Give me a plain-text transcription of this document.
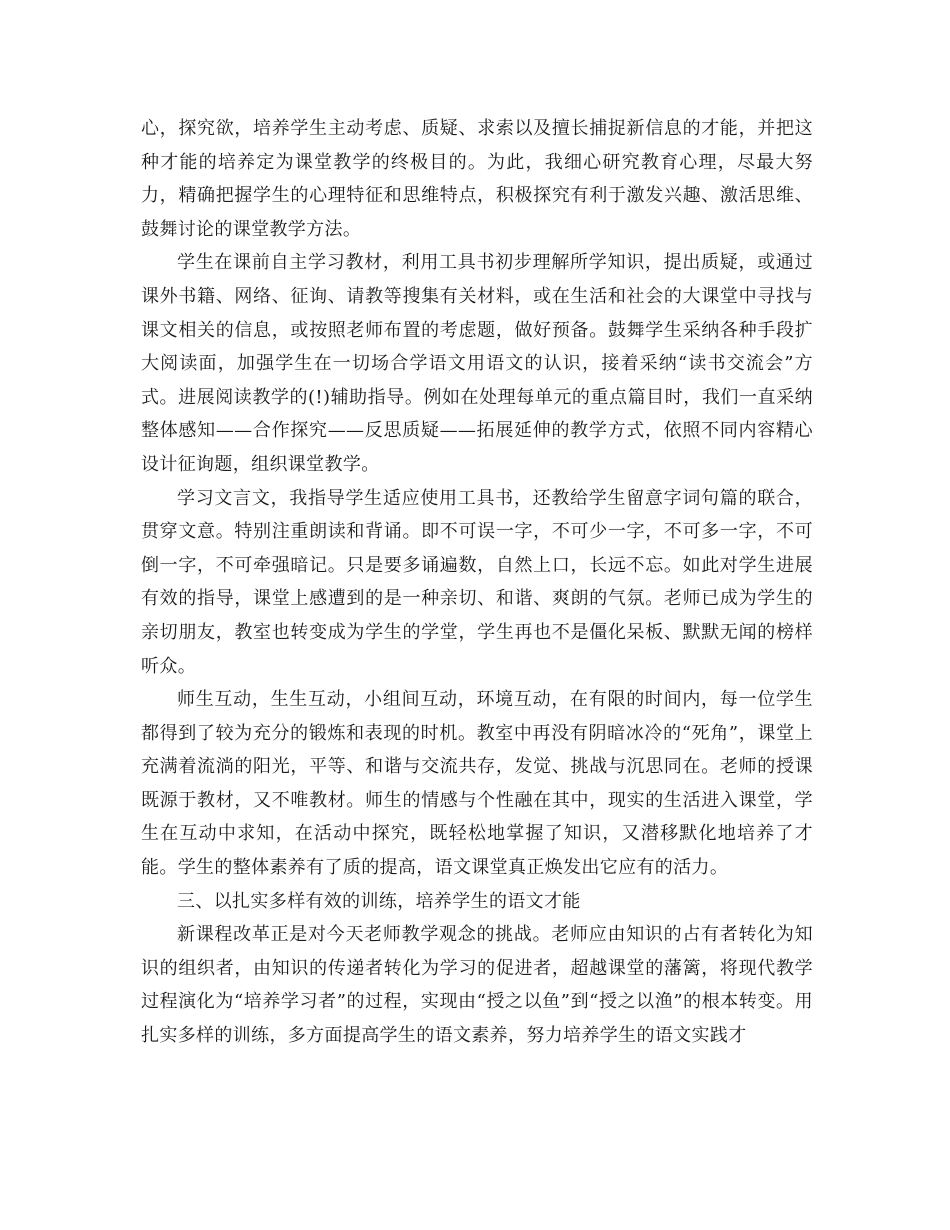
心，探究欲，培养学生主动考虑、质疑、求索以及擅长捕捉新信息的才能，并把这种才能的培养定为课堂教学的终极目的。为此，我细心研究教育心理，尽最大努力，精确把握学生的心理特征和思维特点，积极探究有利于激发兴趣、激活思维、鼓舞讨论的课堂教学方法。

学生在课前自主学习教材，利用工具书初步理解所学知识，提出质疑，或通过课外书籍、网络、征询、请教等搜集有关材料，或在生活和社会的大课堂中寻找与课文相关的信息，或按照老师布置的考虑题，做好预备。鼓舞学生采纳各种手段扩大阅读面，加强学生在一切场合学语文用语文的认识，接着采纳“读书交流会”方式。进展阅读教学的(!)辅助指导。例如在处理每单元的重点篇目时，我们一直采纳整体感知——合作探究——反思质疑——拓展延伸的教学方式，依照不同内容精心设计征询题，组织课堂教学。

学习文言文，我指导学生适应使用工具书，还教给学生留意字词句篇的联合，贯穿文意。特别注重朗读和背诵。即不可误一字，不可少一字，不可多一字，不可倒一字，不可牵强暗记。只是要多诵遍数，自然上口，长远不忘。如此对学生进展有效的指导，课堂上感遭到的是一种亲切、和谐、爽朗的气氛。老师已成为学生的亲切朋友，教室也转变成为学生的学堂，学生再也不是僵化呆板、默默无闻的榜样听众。

师生互动，生生互动，小组间互动，环境互动，在有限的时间内，每一位学生都得到了较为充分的锻炼和表现的时机。教室中再没有阴暗冰冷的“死角”，课堂上充满着流淌的阳光，平等、和谐与交流共存，发觉、挑战与沉思同在。老师的授课既源于教材，又不唯教材。师生的情感与个性融在其中，现实的生活进入课堂，学生在互动中求知，在活动中探究，既轻松地掌握了知识，又潜移默化地培养了才能。学生的整体素养有了质的提高，语文课堂真正焕发出它应有的活力。

三、以扎实多样有效的训练，培养学生的语文才能

新课程改革正是对今天老师教学观念的挑战。老师应由知识的占有者转化为知识的组织者，由知识的传递者转化为学习的促进者，超越课堂的藩篱，将现代教学过程演化为“培养学习者”的过程，实现由“授之以鱼”到“授之以渔”的根本转变。用扎实多样的训练，多方面提高学生的语文素养，努力培养学生的语文实践才
